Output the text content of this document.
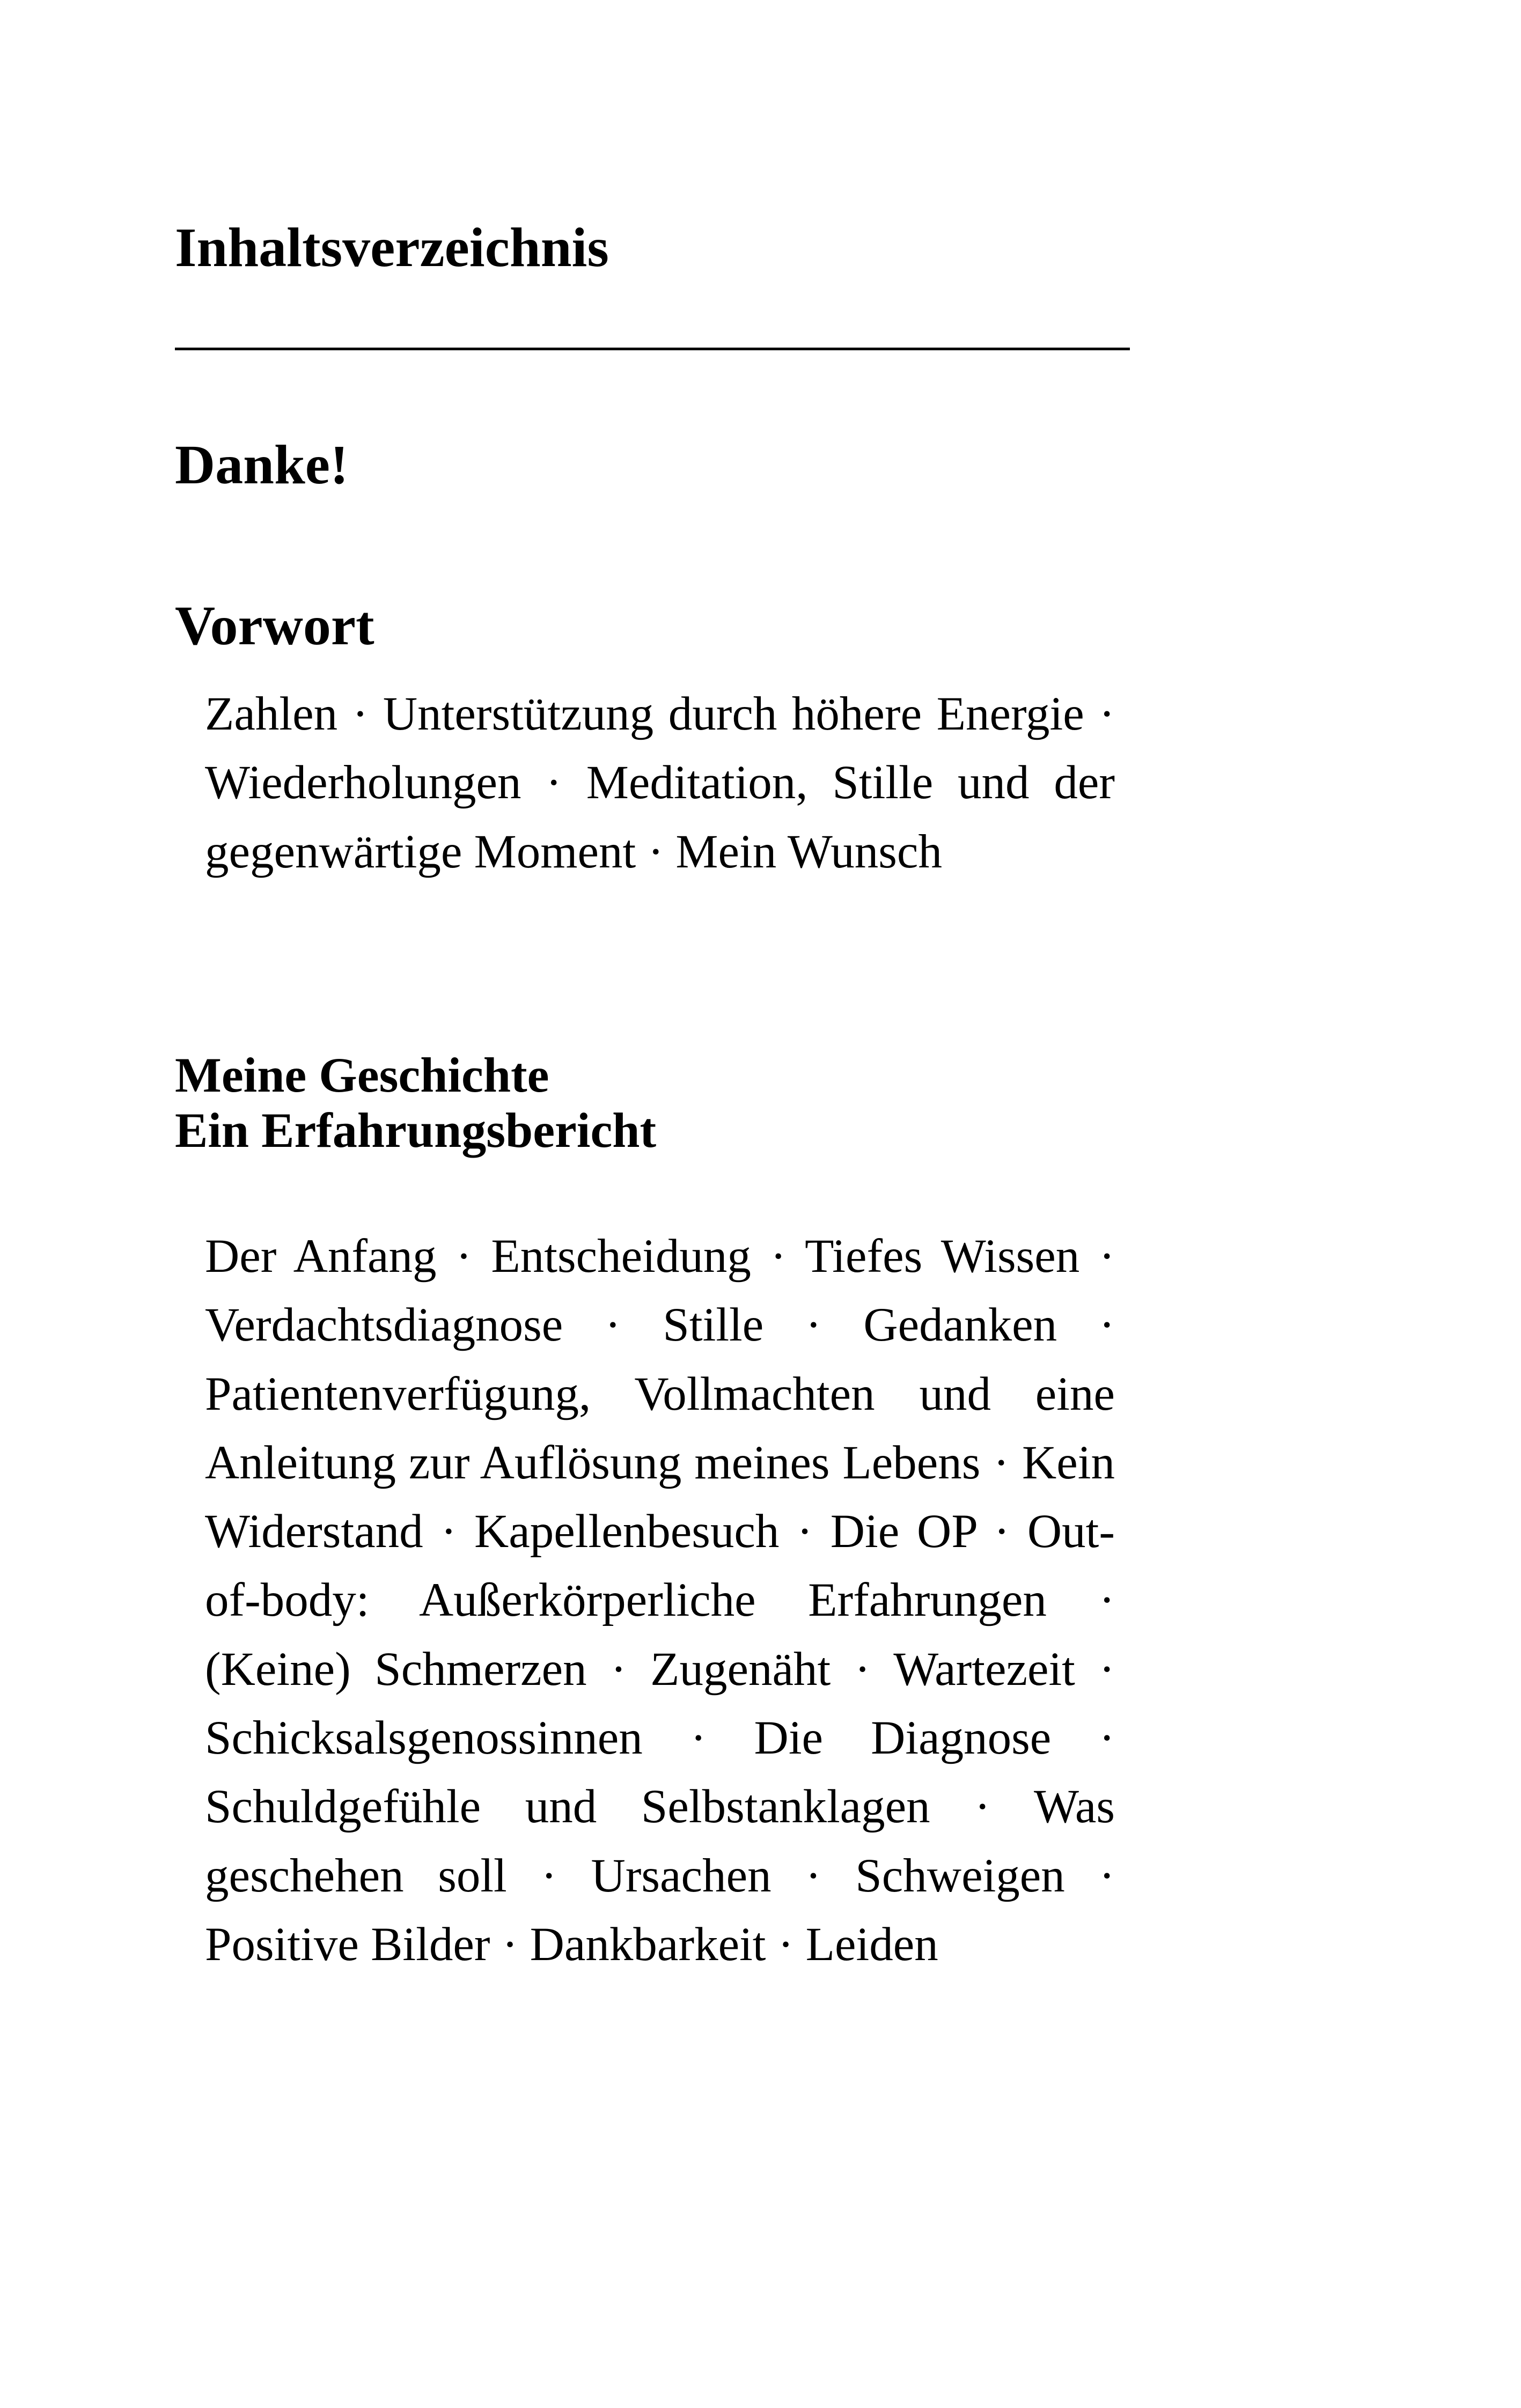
Inhaltsverzeichnis
Danke!
Vorwort

Zahlen · Unterstützung durch höhere Energie · Wiederholungen · Meditation, Stille und der gegenwärtige Moment · Mein Wunsch

Meine Geschichte
Ein Erfahrungsbericht

Der Anfang · Entscheidung · Tiefes Wissen · Verdachtsdiagnose · Stille · Gedanken · Patientenverfügung, Vollmachten und eine Anleitung zur Auflösung meines Lebens · Kein Widerstand · Kapellenbesuch · Die OP · Out-of-body: Außerkörperliche Erfahrungen · (Keine) Schmerzen · Zugenäht · Wartezeit · Schicksalsgenossinnen · Die Diagnose · Schuldgefühle und Selbstanklagen · Was geschehen soll · Ursachen · Schweigen · Positive Bilder · Dankbarkeit · Leiden
